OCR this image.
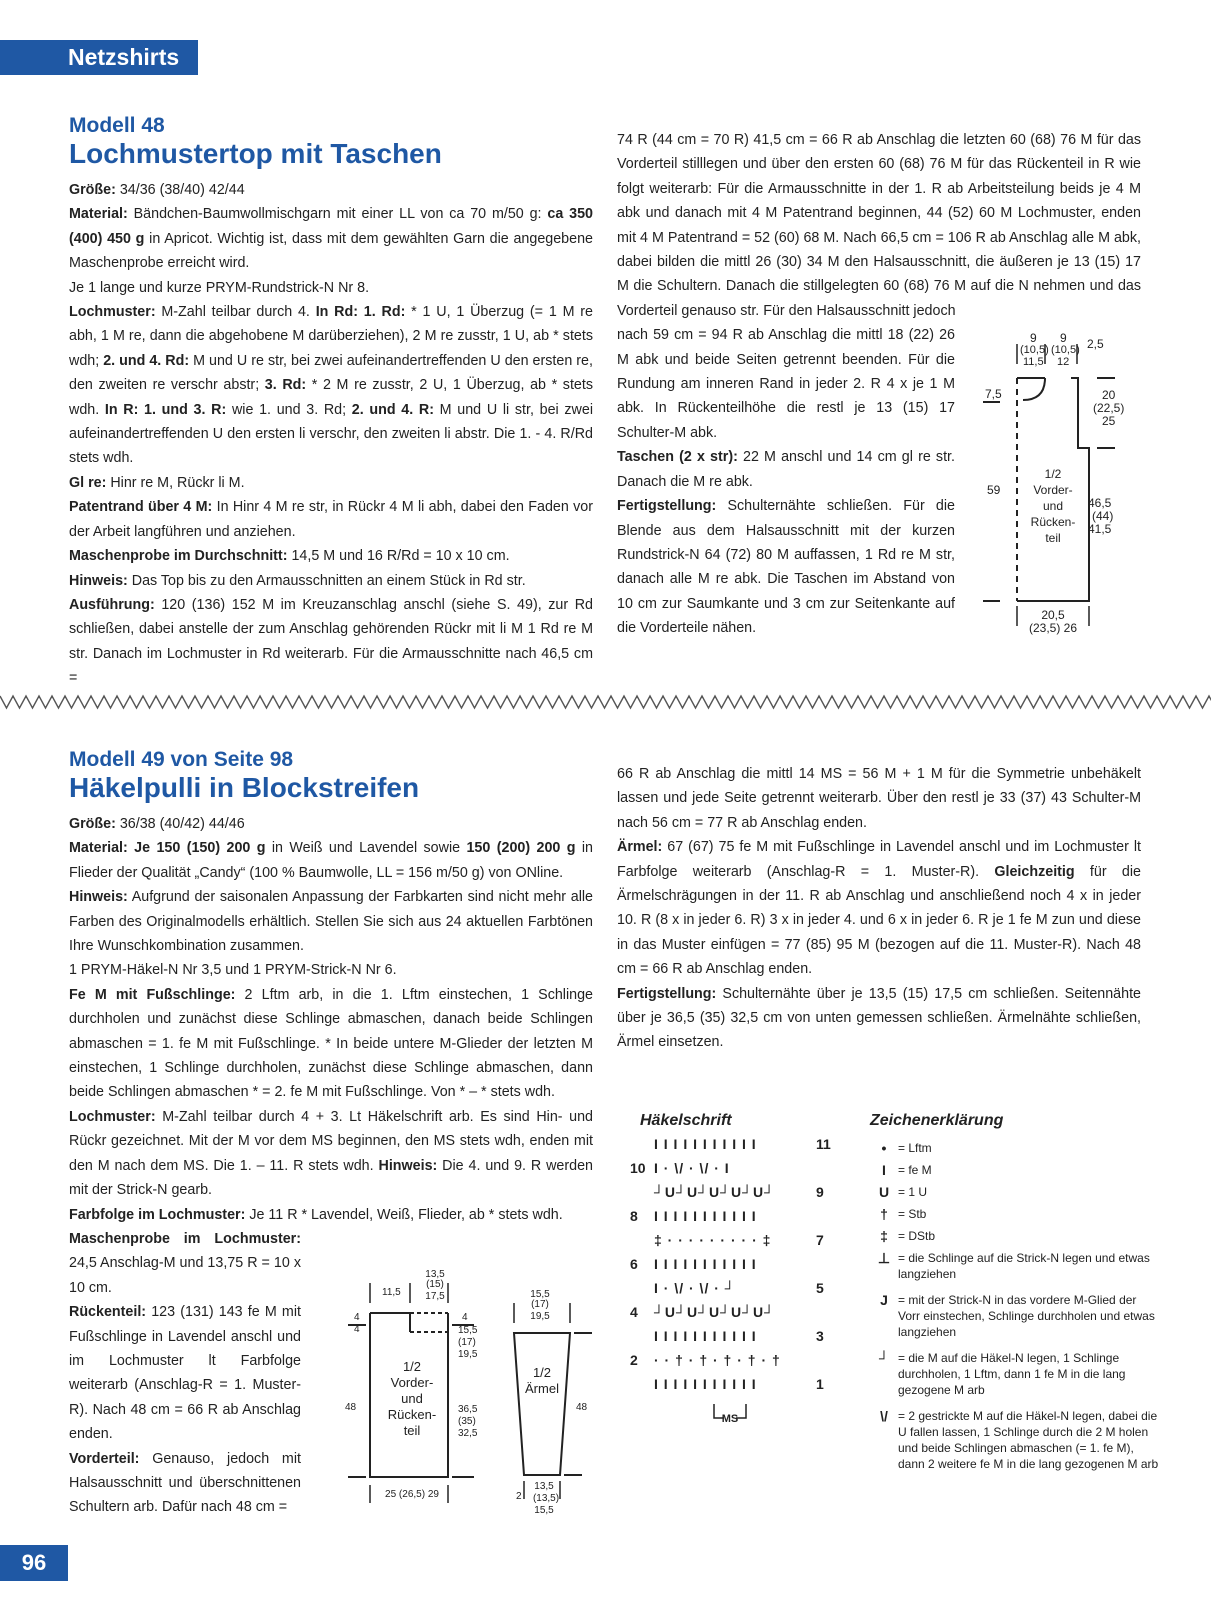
Netzshirts
Modell 48
Lochmustertop mit Taschen

Größe: 34/36 (38/40) 42/44

Material: Bändchen-Baumwollmischgarn mit einer LL von ca 70 m/50 g: ca 350 (400) 450 g in Apricot. Wichtig ist, dass mit dem gewählten Garn die angegebene Maschenprobe erreicht wird.

Je 1 lange und kurze PRYM-Rundstrick-N Nr 8.

Lochmuster: M-Zahl teilbar durch 4. In Rd: 1. Rd: * 1 U, 1 Überzug (= 1 M re abh, 1 M re, dann die abgehobene M darüberziehen), 2 M re zusstr, 1 U, ab * stets wdh; 2. und 4. Rd: M und U re str, bei zwei aufeinandertreffenden U den ersten re, den zweiten re verschr abstr; 3. Rd: * 2 M re zusstr, 2 U, 1 Überzug, ab * stets wdh. In R: 1. und 3. R: wie 1. und 3. Rd; 2. und 4. R: M und U li str, bei zwei aufeinandertreffenden U den ersten li verschr, den zweiten li abstr. Die 1. - 4. R/Rd stets wdh.

Gl re: Hinr re M, Rückr li M.

Patentrand über 4 M: In Hinr 4 M re str, in Rückr 4 M li abh, dabei den Faden vor der Arbeit langführen und anziehen.

Maschenprobe im Durchschnitt: 14,5 M und 16 R/Rd = 10 x 10 cm.

Hinweis: Das Top bis zu den Armausschnitten an einem Stück in Rd str.

Ausführung: 120 (136) 152 M im Kreuzanschlag anschl (siehe S. 49), zur Rd schließen, dabei anstelle der zum Anschlag gehörenden Rückr mit li M 1 Rd re M str. Danach im Lochmuster in Rd weiterarb. Für die Armausschnitte nach 46,5 cm =

74 R (44 cm = 70 R) 41,5 cm = 66 R ab Anschlag die letzten 60 (68) 76 M für das Vorderteil stilllegen und über den ersten 60 (68) 76 M für das Rückenteil in R wie folgt weiterarb: Für die Armausschnitte in der 1. R ab Arbeitsteilung beids je 4 M abk und danach mit 4 M Patentrand beginnen, 44 (52) 60 M Lochmuster, enden mit 4 M Patentrand = 52 (60) 68 M. Nach 66,5 cm = 106 R ab Anschlag alle M abk, dabei bilden die mittl 26 (30) 34 M den Halsausschnitt, die äußeren je 13 (15) 17 M die Schultern. Danach die stillgelegten 60 (68) 76 M auf die N nehmen und das Vorderteil genauso str. Für den Halsausschnitt jedoch

nach 59 cm = 94 R ab Anschlag die mittl 18 (22) 26 M abk und beide Seiten getrennt beenden. Für die Rundung am inneren Rand in jeder 2. R 4 x je 1 M abk. In Rückenteilhöhe die restl je 13 (15) 17 Schulter-M abk.

Taschen (2 x str): 22 M anschl und 14 cm gl re str. Danach die M re abk.

Fertigstellung: Schulternähte schließen. Für die Blende aus dem Halsausschnitt mit der kurzen Rundstrick-N 64 (72) 80 M auffassen, 1 Rd re M str, danach alle M re abk. Die Taschen im Abstand von 10 cm zur Saumkante und 3 cm zur Seitenkante auf die Vorderteile nähen.

9 9
(10,5) (10,5)
11,5 12
2,5
7,5
59
20
(22,5)
25
46,5
(44)
41,5
1/2
Vorder-
und
Rücken-
teil
20,5
(23,5) 26
Modell 49 von Seite 98
Häkelpulli in Blockstreifen

Größe: 36/38 (40/42) 44/46

Material: Je 150 (150) 200 g in Weiß und Lavendel sowie 150 (200) 200 g in Flieder der Qualität „Candy“ (100 % Baumwolle, LL = 156 m/50 g) von ONline.

Hinweis: Aufgrund der saisonalen Anpassung der Farbkarten sind nicht mehr alle Farben des Originalmodells erhältlich. Stellen Sie sich aus 24 aktuellen Farbtönen Ihre Wunschkombination zusammen.

1 PRYM-Häkel-N Nr 3,5 und 1 PRYM-Strick-N Nr 6.

Fe M mit Fußschlinge: 2 Lftm arb, in die 1. Lftm einstechen, 1 Schlinge durchholen und zunächst diese Schlinge abmaschen, danach beide Schlingen abmaschen = 1. fe M mit Fußschlinge. * In beide untere M-Glieder der letzten M einstechen, 1 Schlinge durchholen, zunächst diese Schlinge abmaschen, dann beide Schlingen abmaschen * = 2. fe M mit Fußschlinge. Von * – * stets wdh.

Lochmuster: M-Zahl teilbar durch 4 + 3. Lt Häkelschrift arb. Es sind Hin- und Rückr gezeichnet. Mit der M vor dem MS beginnen, den MS stets wdh, enden mit den M nach dem MS. Die 1. – 11. R stets wdh. Hinweis: Die 4. und 9. R werden mit der Strick-N gearb.

Farbfolge im Lochmuster: Je 11 R * Lavendel, Weiß, Flieder, ab * stets wdh.

Maschenprobe im Lochmuster: 24,5 Anschlag-M und 13,75 R = 10 x 10 cm.

Rückenteil: 123 (131) 143 fe M mit Fußschlinge in Lavendel anschl und im Lochmuster lt Farbfolge weiterarb (Anschlag-R = 1. Muster-R). Nach 48 cm = 66 R ab Anschlag enden.

Vorderteil: Genauso, jedoch mit Halsausschnitt und überschnittenen Schultern arb. Dafür nach 48 cm =

66 R ab Anschlag die mittl 14 MS = 56 M + 1 M für die Symmetrie unbehäkelt lassen und jede Seite getrennt weiterarb. Über den restl je 33 (37) 43 Schulter-M nach 56 cm = 77 R ab Anschlag enden.

Ärmel: 67 (67) 75 fe M mit Fußschlinge in Lavendel anschl und im Lochmuster lt Farbfolge weiterarb (Anschlag-R = 1. Muster-R). Gleichzeitig für die Ärmelschrägungen in der 11. R ab Anschlag und anschließend noch 4 x in jeder 10. R (8 x in jeder 6. R) 3 x in jeder 4. und 6 x in jeder 6. R je 1 fe M zun und diese in das Muster einfügen = 77 (85) 95 M (bezogen auf die 11. Muster-R). Nach 48 cm = 66 R ab Anschlag enden.

Fertigstellung: Schulternähte über je 13,5 (15) 17,5 cm schließen. Seitennähte über je 36,5 (35) 32,5 cm von unten gemessen schließen. Ärmelnähte schließen, Ärmel einsetzen.

13,5
(15)
17,5
11,5
4
4
48
4
15,5
(17)
19,5
36,5
(35)
32,5
1/2
Vorder-
und
Rücken-
teil
25 (26,5) 29
15,5
(17)
19,5
48
1/2
Ärmel
13,5
(13,5)
15,5
2
Häkelschrift
11
I I I I I I I I I I I
10 I · \/ · \/ · I
9
┘U┘U┘U┘U┘U┘
8 I I I I I I I I I I I
7
‡ · · · · · · · · · ‡
6 I I I I I I I I I I I
5
I · \/ · \/ · ┘
4 ┘U┘U┘U┘U┘U┘
3
I I I I I I I I I I I
2 · · † · † · † · † · †
1
I I I I I I I I I I I
MS
Zeichenerklärung
• = Lftm
I	= fe M
U = 1 U
† = Stb
‡ = DStb
⊥ = die Schlinge auf die Strick-N legen und etwas langziehen
J = mit der Strick-N in das vordere M-Glied der Vorr einstechen, Schlinge durchholen und etwas langziehen
┘ = die M auf die Häkel-N legen, 1 Schlinge durchholen, 1 Lftm, dann 1 fe M in die lang gezogene M arb
\/ = 2 gestrickte M auf die Häkel-N legen, dabei die U fallen lassen, 1 Schlinge durch die 2 M holen und beide Schlingen abmaschen (= 1. fe M), dann 2 weitere fe M in die lang gezogenen M arb
96
